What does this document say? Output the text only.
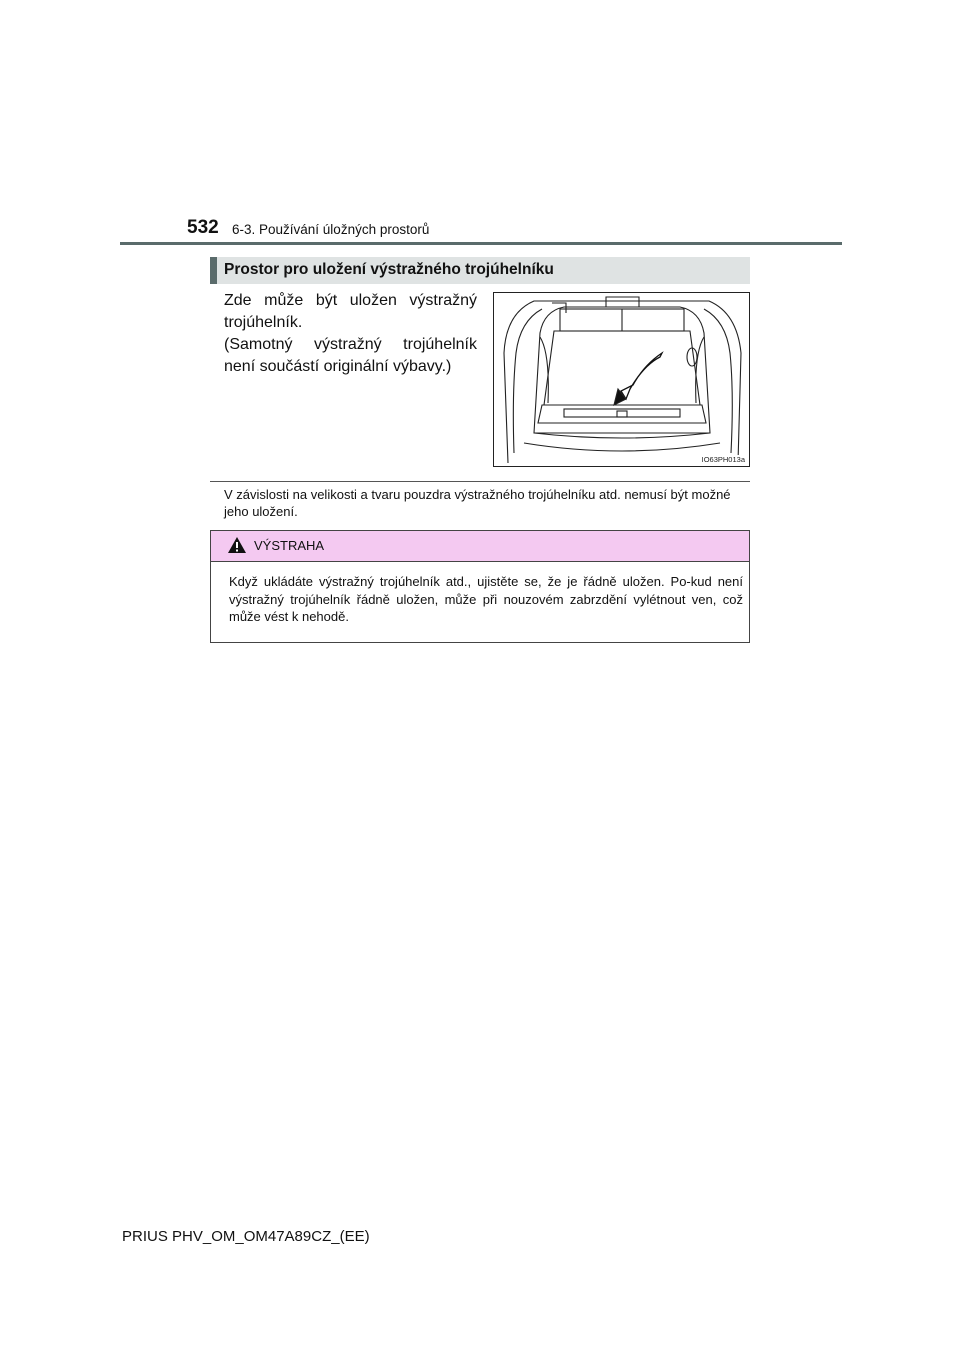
532 6-3. Používání úložných prostorů
Prostor pro uložení výstražného trojúhelníku

Zde může být uložen výstražný trojúhelník.

(Samotný výstražný trojúhelník není součástí originální výbavy.)

IO63PH013a
V závislosti na velikosti a tvaru pouzdra výstražného trojúhelníku atd. nemusí být možné jeho uložení.
VÝSTRAHA
Když ukládáte výstražný trojúhelník atd., ujistěte se, že je řádně uložen. Po-kud není výstražný trojúhelník řádně uložen, může při nouzovém zabrzdění vylétnout ven, což může vést k nehodě.
PRIUS PHV_OM_OM47A89CZ_(EE)
